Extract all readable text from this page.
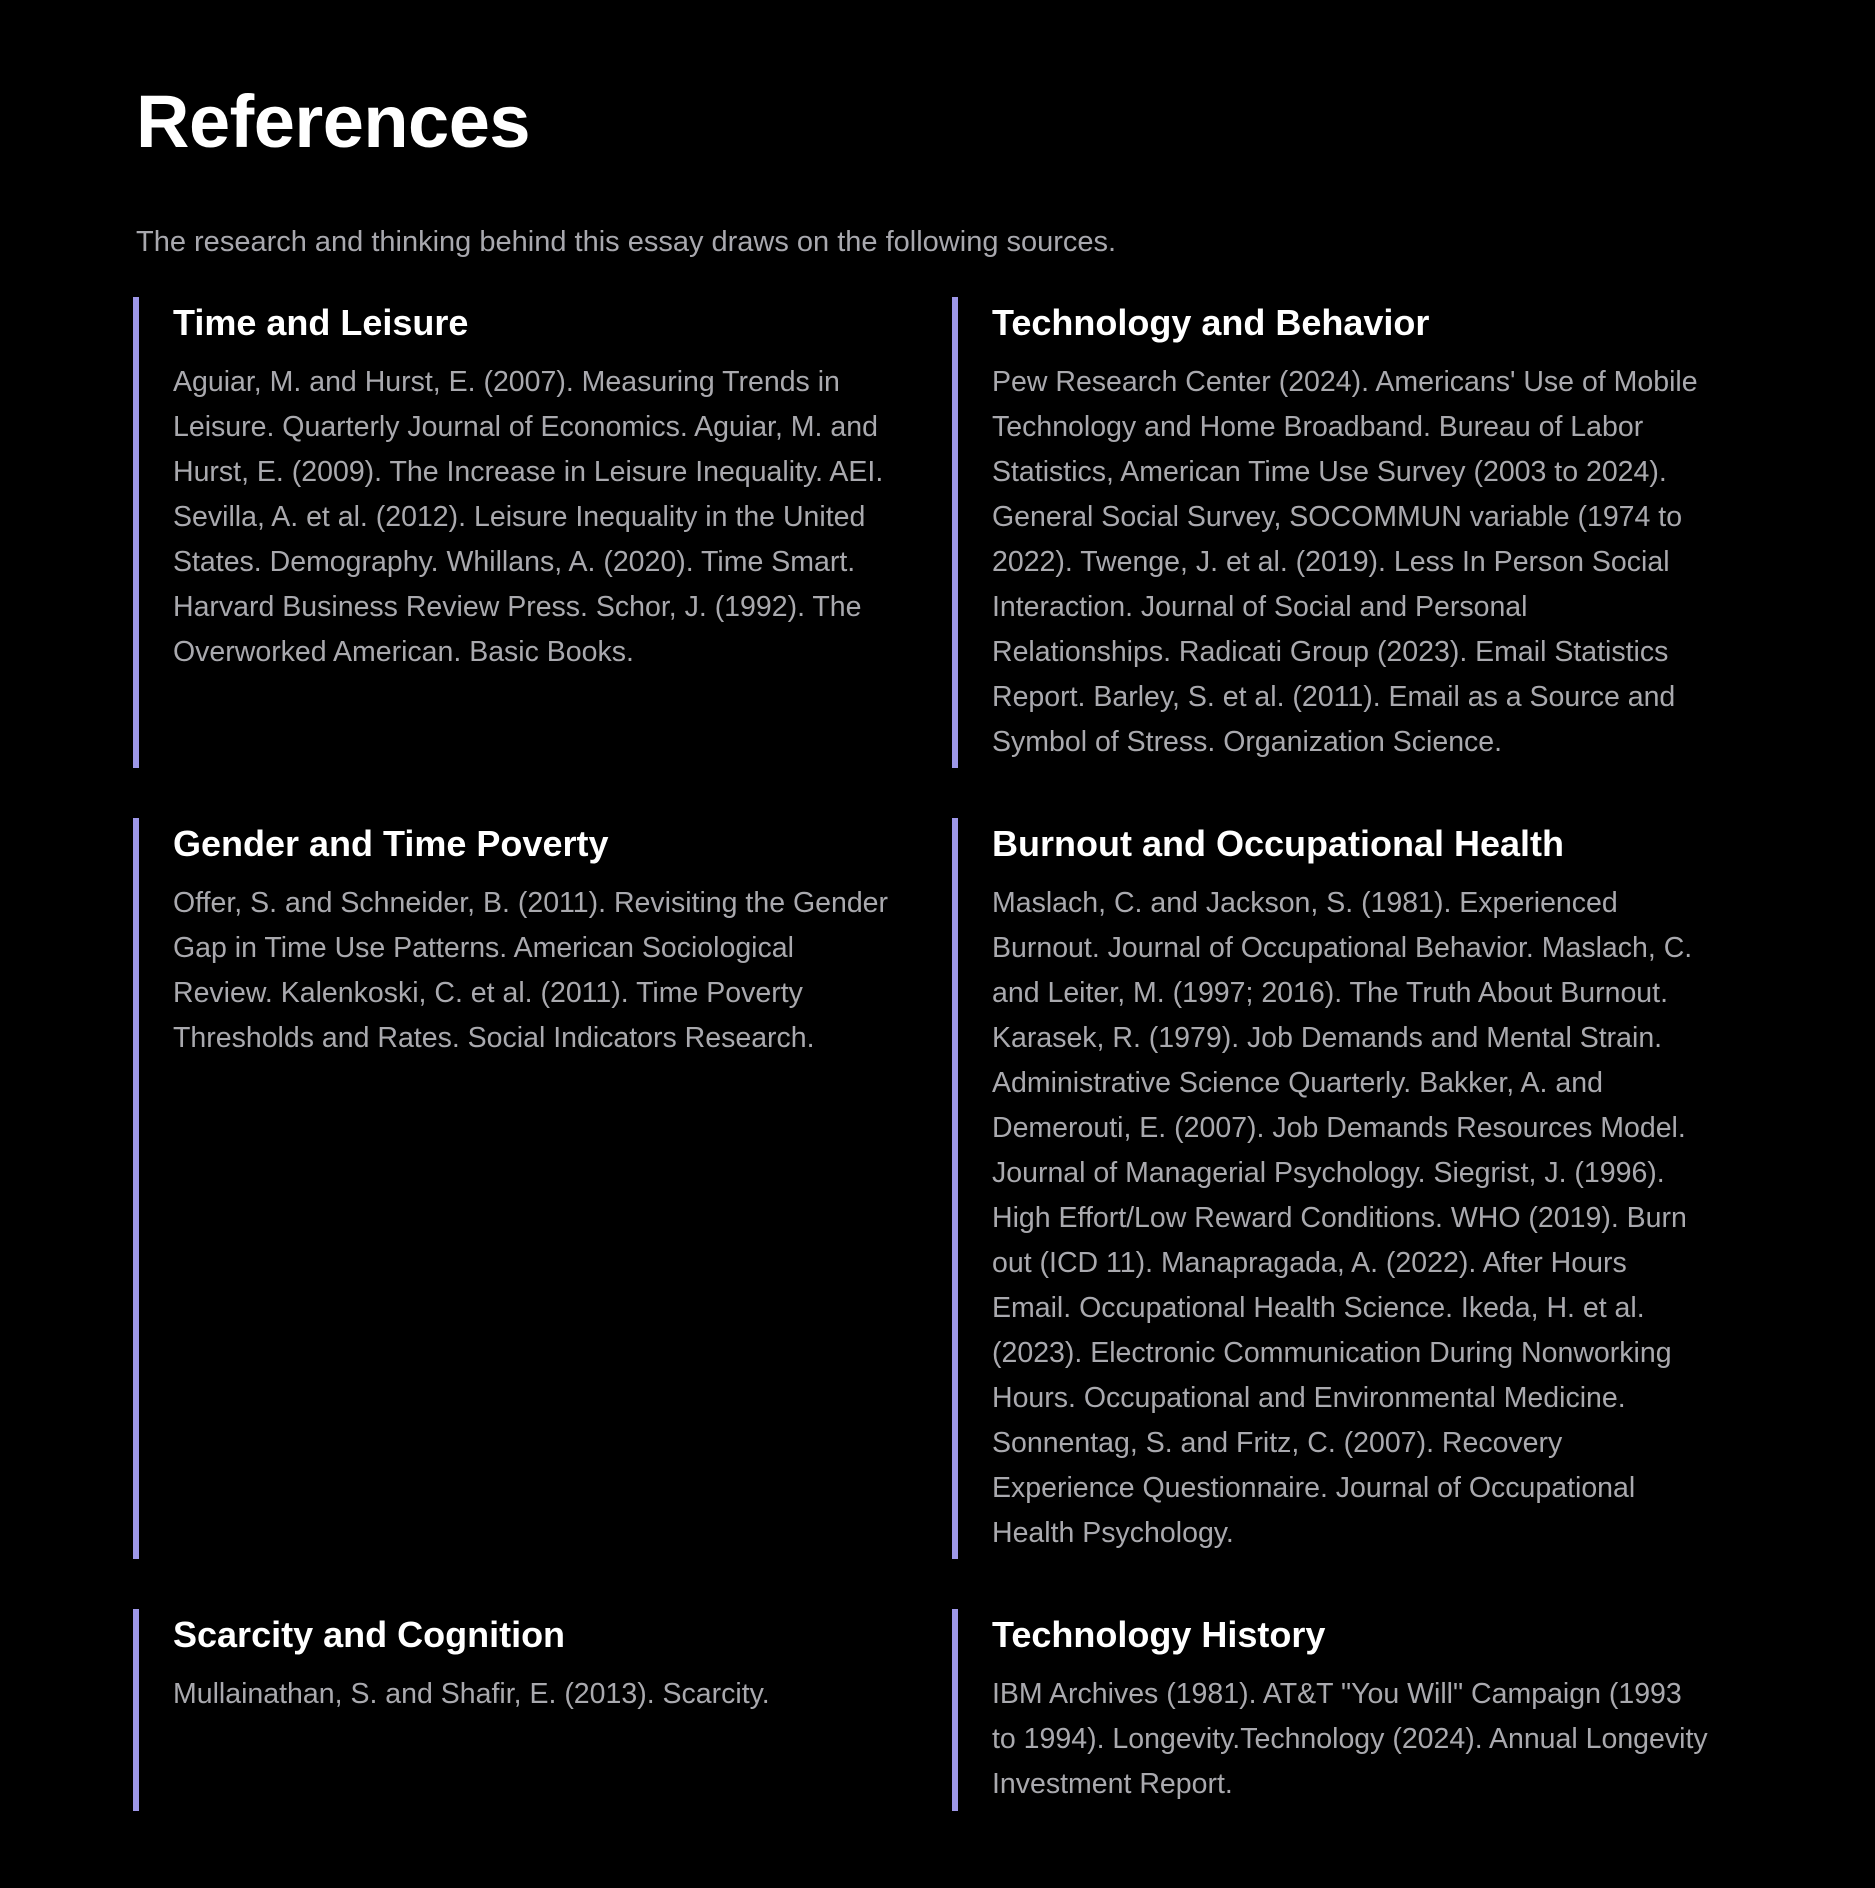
References

The research and thinking behind this essay draws on the following sources.

Time and Leisure

Aguiar, M. and Hurst, E. (2007). Measuring Trends in Leisure. Quarterly Journal of Economics. Aguiar, M. and Hurst, E. (2009). The Increase in Leisure Inequality. AEI. Sevilla, A. et al. (2012). Leisure Inequality in the United States. Demography. Whillans, A. (2020). Time Smart. Harvard Business Review Press. Schor, J. (1992). The Overworked American. Basic Books.

Technology and Behavior

Pew Research Center (2024). Americans' Use of Mobile Technology and Home Broadband. Bureau of Labor Statistics, American Time Use Survey (2003 to 2024). General Social Survey, SOCOMMUN variable (1974 to 2022). Twenge, J. et al. (2019). Less In Person Social Interaction. Journal of Social and Personal Relationships. Radicati Group (2023). Email Statistics Report. Barley, S. et al. (2011). Email as a Source and Symbol of Stress. Organization Science.

Gender and Time Poverty

Offer, S. and Schneider, B. (2011). Revisiting the Gender Gap in Time Use Patterns. American Sociological Review. Kalenkoski, C. et al. (2011). Time Poverty Thresholds and Rates. Social Indicators Research.

Burnout and Occupational Health

Maslach, C. and Jackson, S. (1981). Experienced Burnout. Journal of Occupational Behavior. Maslach, C. and Leiter, M. (1997; 2016). The Truth About Burnout. Karasek, R. (1979). Job Demands and Mental Strain. Administrative Science Quarterly. Bakker, A. and Demerouti, E. (2007). Job Demands Resources Model. Journal of Managerial Psychology. Siegrist, J. (1996). High Effort/Low Reward Conditions. WHO (2019). Burn out (ICD 11). Manapragada, A. (2022). After Hours Email. Occupational Health Science. Ikeda, H. et al. (2023). Electronic Communication During Nonworking Hours. Occupational and Environmental Medicine. Sonnentag, S. and Fritz, C. (2007). Recovery Experience Questionnaire. Journal of Occupational Health Psychology.

Scarcity and Cognition

Mullainathan, S. and Shafir, E. (2013). Scarcity.

Technology History

IBM Archives (1981). AT&T "You Will" Campaign (1993 to 1994). Longevity.Technology (2024). Annual Longevity Investment Report.
